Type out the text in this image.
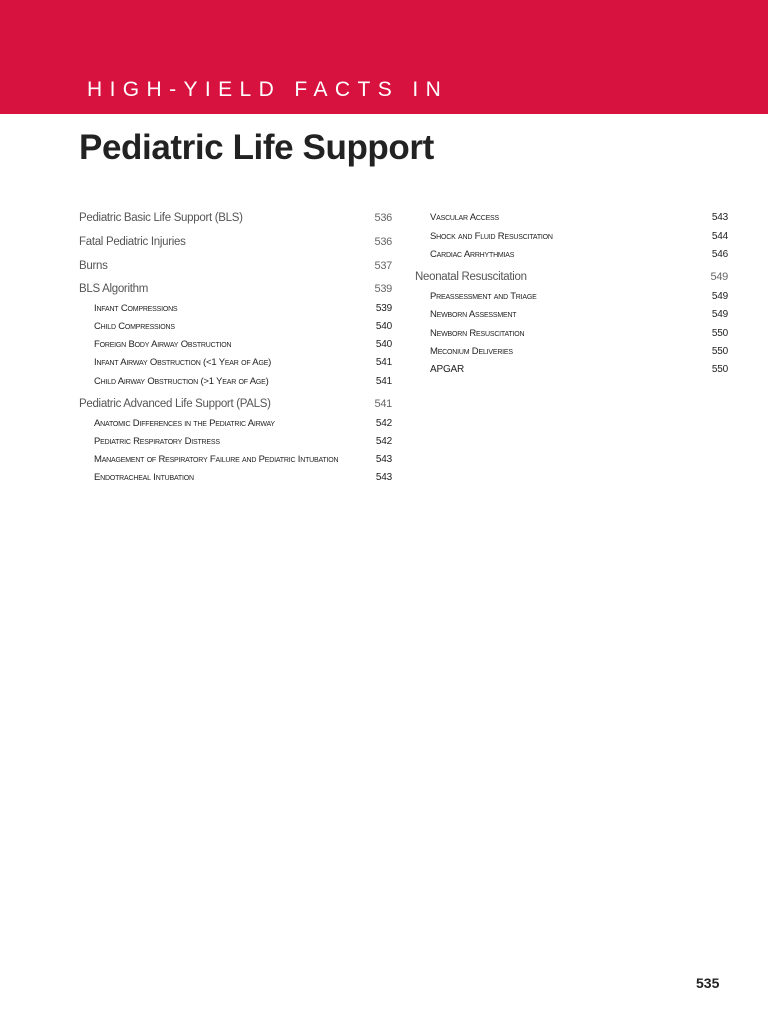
HIGH-YIELD FACTS IN
Pediatric Life Support
Pediatric Basic Life Support (BLS)	536
Fatal Pediatric Injuries	536
Burns	537
BLS Algorithm	539
Infant Compressions	539
Child Compressions	540
Foreign Body Airway Obstruction	540
Infant Airway Obstruction (<1 Year of Age)	541
Child Airway Obstruction (>1 Year of Age)	541
Pediatric Advanced Life Support (PALS)	541
Anatomic Differences in the Pediatric Airway	542
Pediatric Respiratory Distress	542
Management of Respiratory Failure and Pediatric Intubation	543
Endotracheal Intubation	543
Vascular Access	543
Shock and Fluid Resuscitation	544
Cardiac Arrhythmias	546
Neonatal Resuscitation	549
Preassessment and Triage	549
Newborn Assessment	549
Newborn Resuscitation	550
Meconium Deliveries	550
APGAR	550
535
